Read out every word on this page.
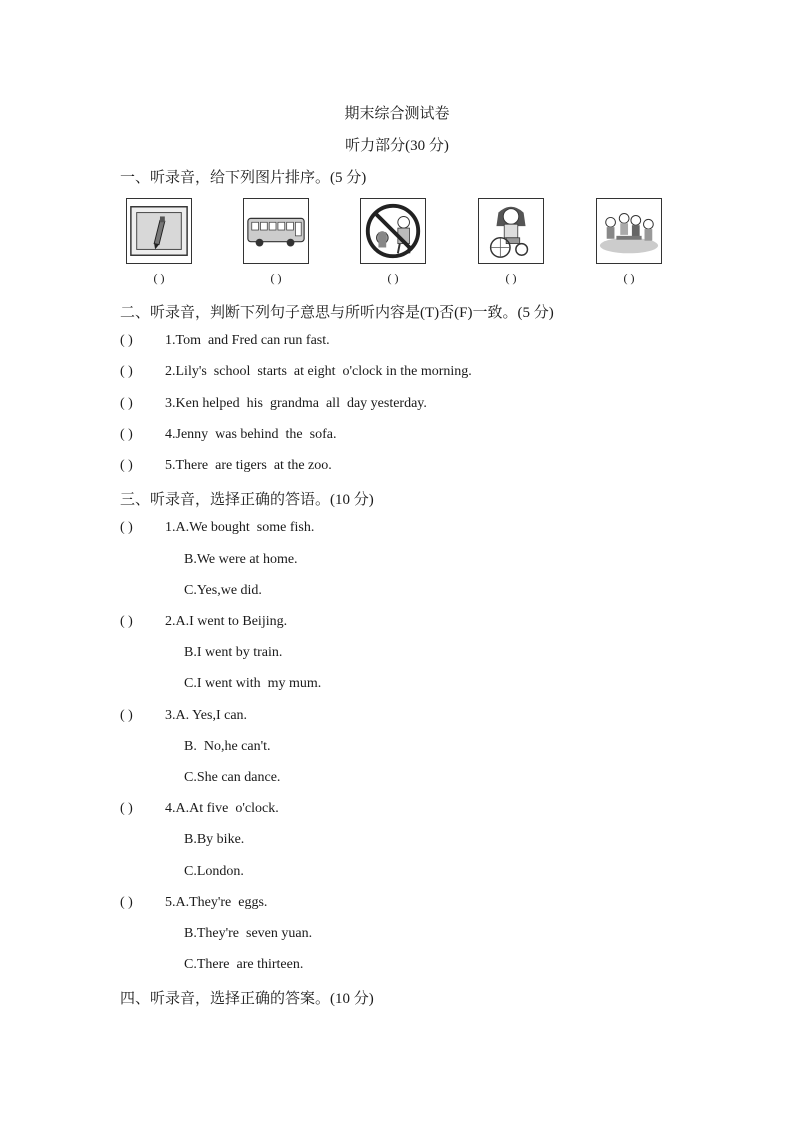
期末综合测试卷
听力部分(30 分)
一、听录音，给下列图片排序。(5 分)
( )	( )	( )	( )	( )
二、听录音，判断下列句子意思与所听内容是(T)否(F)一致。(5 分)
( ) 1.Tom  and Fred can run fast.
( ) 2.Lily's  school  starts  at eight  o'clock in the morning.
( ) 3.Ken helped  his  grandma  all  day yesterday.
( ) 4.Jenny  was behind  the  sofa.
( ) 5.There  are tigers  at the zoo.
三、听录音，选择正确的答语。(10 分)
( ) 1.A.We bought  some fish.
B.We were at home.
C.Yes,we did.
( ) 2.A.I went to Beijing.
B.I went by train.
C.I went with  my mum.
( ) 3.A. Yes,I can.
B.  No,he can't.
C.She can dance.
( ) 4.A.At five  o'clock.
B.By bike.
C.London.
( ) 5.A.They're  eggs.
B.They're  seven yuan.
C.There  are thirteen.
四、听录音，选择正确的答案。(10 分)
